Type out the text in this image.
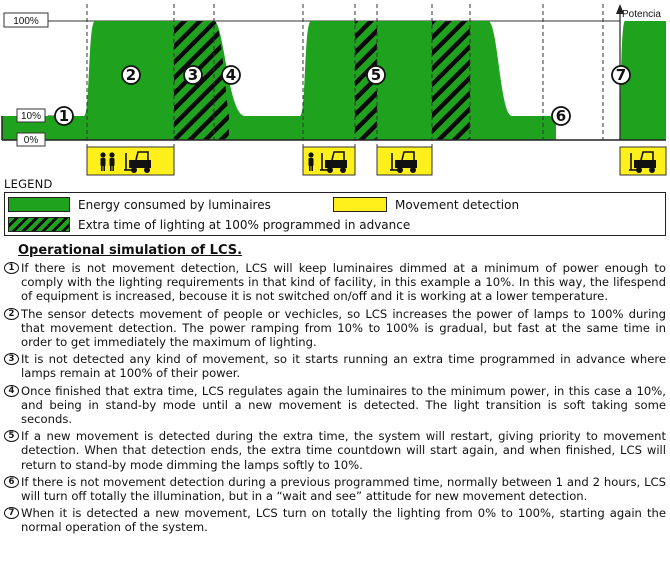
100%
10%
0%
Potencia
1
2	3 4	5
6
7
LEGEND
Energy consumed by luminaires	Movement detection
Extra time of lighting at 100% programmed in advance
Operational simulation of LCS.
1 If there is not movement detection, LCS will keep luminaires dimmed at a minimum of power enough to comply with the lighting requirements in that kind of facility, in this example a 10%. In this way, the lifespend of equipment is increased, becouse it is not switched on/off and it is working at a lower temperature.
2 The sensor detects movement of people or vechicles, so LCS increases the power of lamps to 100% during that movement detection. The power ramping from 10% to 100% is gradual, but fast at the same time in order to get immediately the maximum of lighting.
3 It is not detected any kind of movement, so it starts running an extra time programmed in advance where lamps remain at 100% of their power.
4 Once finished that extra time, LCS regulates again the luminaires to the minimum power, in this case a 10%, and being in stand-by mode until a new movement is detected. The light transition is soft taking some seconds.
5 If a new movement is detected during the extra time, the system will restart, giving priority to movement detection. When that detection ends, the extra time countdown will start again, and when finished, LCS will return to stand-by mode dimming the lamps softly to 10%.
6 If there is not movement detection during a previous programmed time, normally between 1 and 2 hours, LCS will turn off totally the illumination, but in a “wait and see” attitude for new movement detection.
7 When it is detected a new movement, LCS turn on totally the lighting from 0% to 100%, starting again the normal operation of the system.
